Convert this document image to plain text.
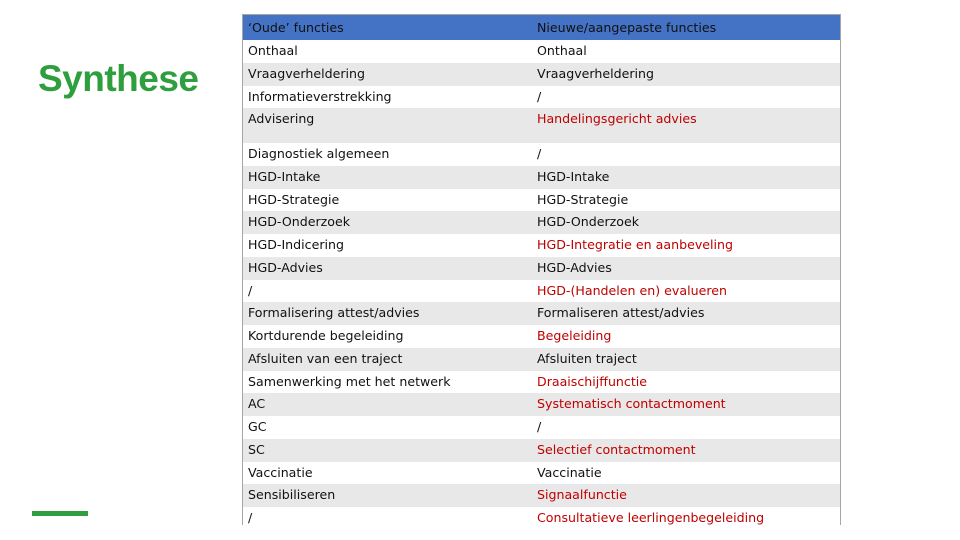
Synthese
‘Oude’ functies	Nieuwe/aangepaste functies
Onthaal	Onthaal
Vraagverheldering	Vraagverheldering
Informatieverstrekking	/
Advisering	Handelingsgericht advies
Diagnostiek algemeen	/
HGD-Intake	HGD-Intake
HGD-Strategie	HGD-Strategie
HGD-Onderzoek	HGD-Onderzoek
HGD-Indicering	HGD-Integratie en aanbeveling
HGD-Advies	HGD-Advies
/	HGD-(Handelen en) evalueren
Formalisering attest/advies	Formaliseren attest/advies
Kortdurende begeleiding	Begeleiding
Afsluiten van een traject	Afsluiten traject
Samenwerking met het netwerk	Draaischijffunctie
AC	Systematisch contactmoment
GC	/
SC	Selectief contactmoment
Vaccinatie	Vaccinatie
Sensibiliseren	Signaalfunctie
/	Consultatieve leerlingenbegeleiding
